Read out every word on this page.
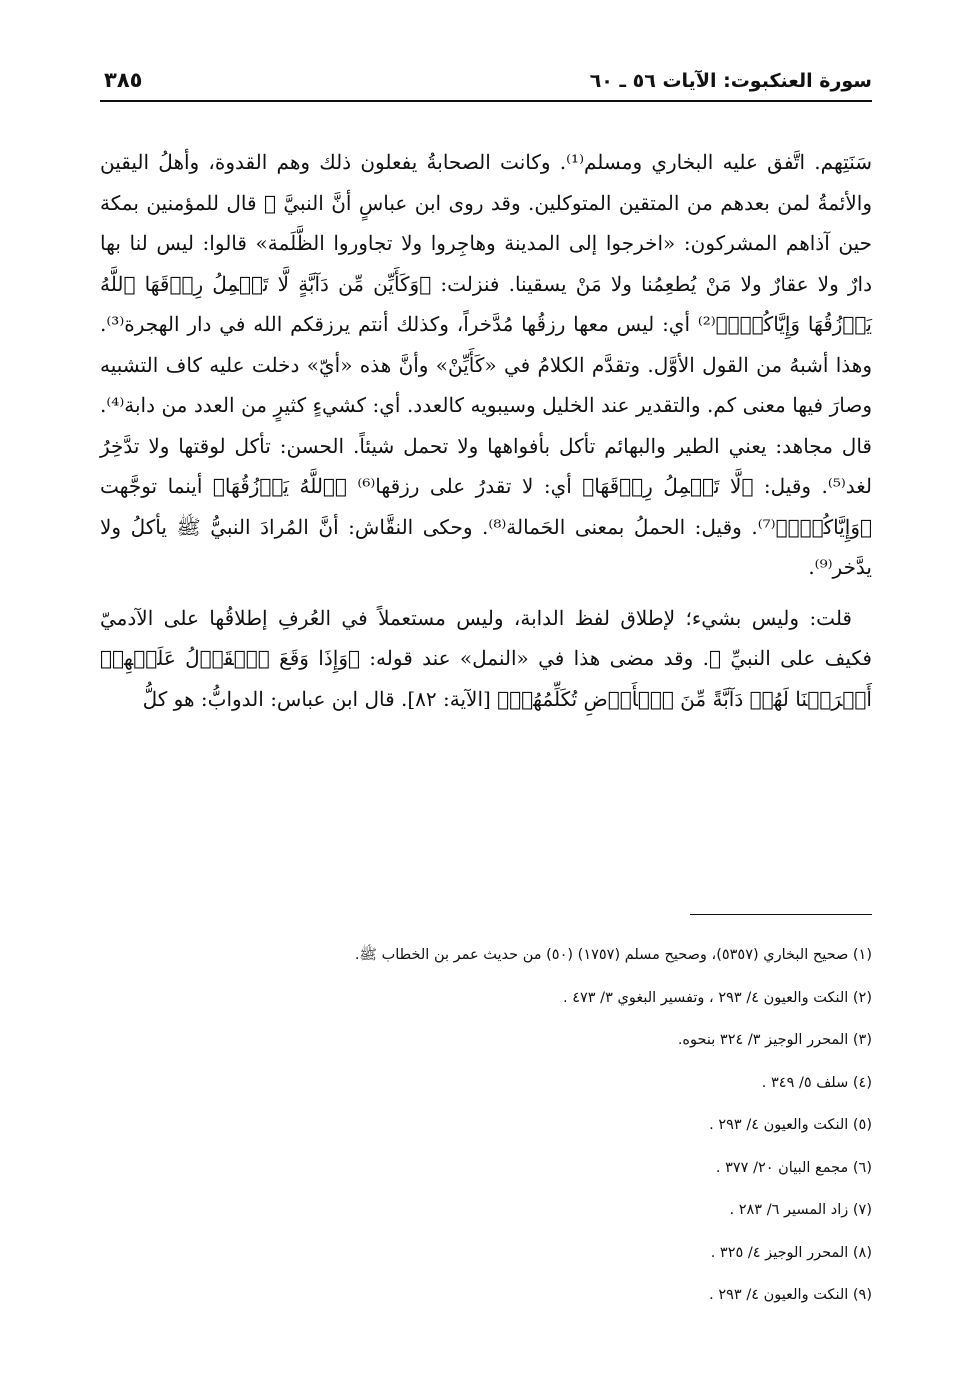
سورة العنكبوت: الآيات ٥٦ ـ ٦٠
٣٨٥

سَنَتِهم. اتَّفق عليه البخاري ومسلم⁽¹⁾. وكانت الصحابةُ يفعلون ذلك وهم القدوة، وأهلُ اليقين والأئمةُ لمن بعدهم من المتقين المتوكلين. وقد روى ابن عباسٍ أنَّ النبيَّ ﷺ قال للمؤمنين بمكة حين آذاهم المشركون: «اخرجوا إلى المدينة وهاجِروا ولا تجاوروا الظَّلَمة» قالوا: ليس لنا بها دارٌ ولا عقارٌ ولا مَنْ يُطعِمُنا ولا مَنْ يسقينا. فنزلت: ﴿وَكَأَيِّن مِّن دَآبَّةٍ لَّا تَحۡمِلُ رِزۡقَهَا ٱللَّهُ يَرۡزُقُهَا وَإِيَّاكُمۡۚ﴾⁽²⁾ أي: ليس معها رزقُها مُدَّخراً، وكذلك أنتم يرزقكم الله في دار الهجرة⁽³⁾. وهذا أشبهُ من القول الأوَّل. وتقدَّم الكلامُ في «كَأَيِّنْ» وأنَّ هذه «أيّ» دخلت عليه كاف التشبيه وصارَ فيها معنى كم. والتقدير عند الخليل وسيبويه كالعدد. أي: كشيءٍ كثيرٍ من العدد من دابة⁽⁴⁾. قال مجاهد: يعني الطير والبهائم تأكل بأفواهها ولا تحمل شيئاً. الحسن: تأكل لوقتها ولا تدَّخِرُ لغد⁽⁵⁾. وقيل: ﴿لَّا تَحۡمِلُ رِزۡقَهَا﴾ أي: لا تقدرُ على رزقها⁽⁶⁾ ﴿ٱللَّهُ يَرۡزُقُهَا﴾ أينما توجَّهت ﴿وَإِيَّاكُمۡۚ﴾⁽⁷⁾. وقيل: الحملُ بمعنى الحَمالة⁽⁸⁾. وحكى النقَّاش: أنَّ المُرادَ النبيُّ ﷺ يأكلُ ولا يدَّخر⁽⁹⁾.

قلت: وليس بشيء؛ لإطلاق لفظ الدابة، وليس مستعملاً في العُرفِ إطلاقُها على الآدميّ فكيف على النبيِّ ﷺ. وقد مضى هذا في «النمل» عند قوله: ﴿وَإِذَا وَقَعَ ٱلۡقَوۡلُ عَلَيۡهِمۡ أَخۡرَجۡنَا لَهُمۡ دَآبَّةً مِّنَ ٱلۡأَرۡضِ تُكَلِّمُهُمۡ﴾ [الآية: ٨٢]. قال ابن عباس: الدوابُّ: هو كلُّ

(١) صحيح البخاري (٥٣٥٧)، وصحيح مسلم (١٧٥٧) (٥٠) من حديث عمر بن الخطاب ﷺ.
(٢) النكت والعيون ٤/ ٢٩٣ ، وتفسير البغوي ٣/ ٤٧٣ .
(٣) المحرر الوجيز ٣/ ٣٢٤ بنحوه.
(٤) سلف ٥/ ٣٤٩ .
(٥) النكت والعيون ٤/ ٢٩٣ .
(٦) مجمع البيان ٢٠/ ٣٧٧ .
(٧) زاد المسير ٦/ ٢٨٣ .
(٨) المحرر الوجيز ٤/ ٣٢٥ .
(٩) النكت والعيون ٤/ ٢٩٣ .
